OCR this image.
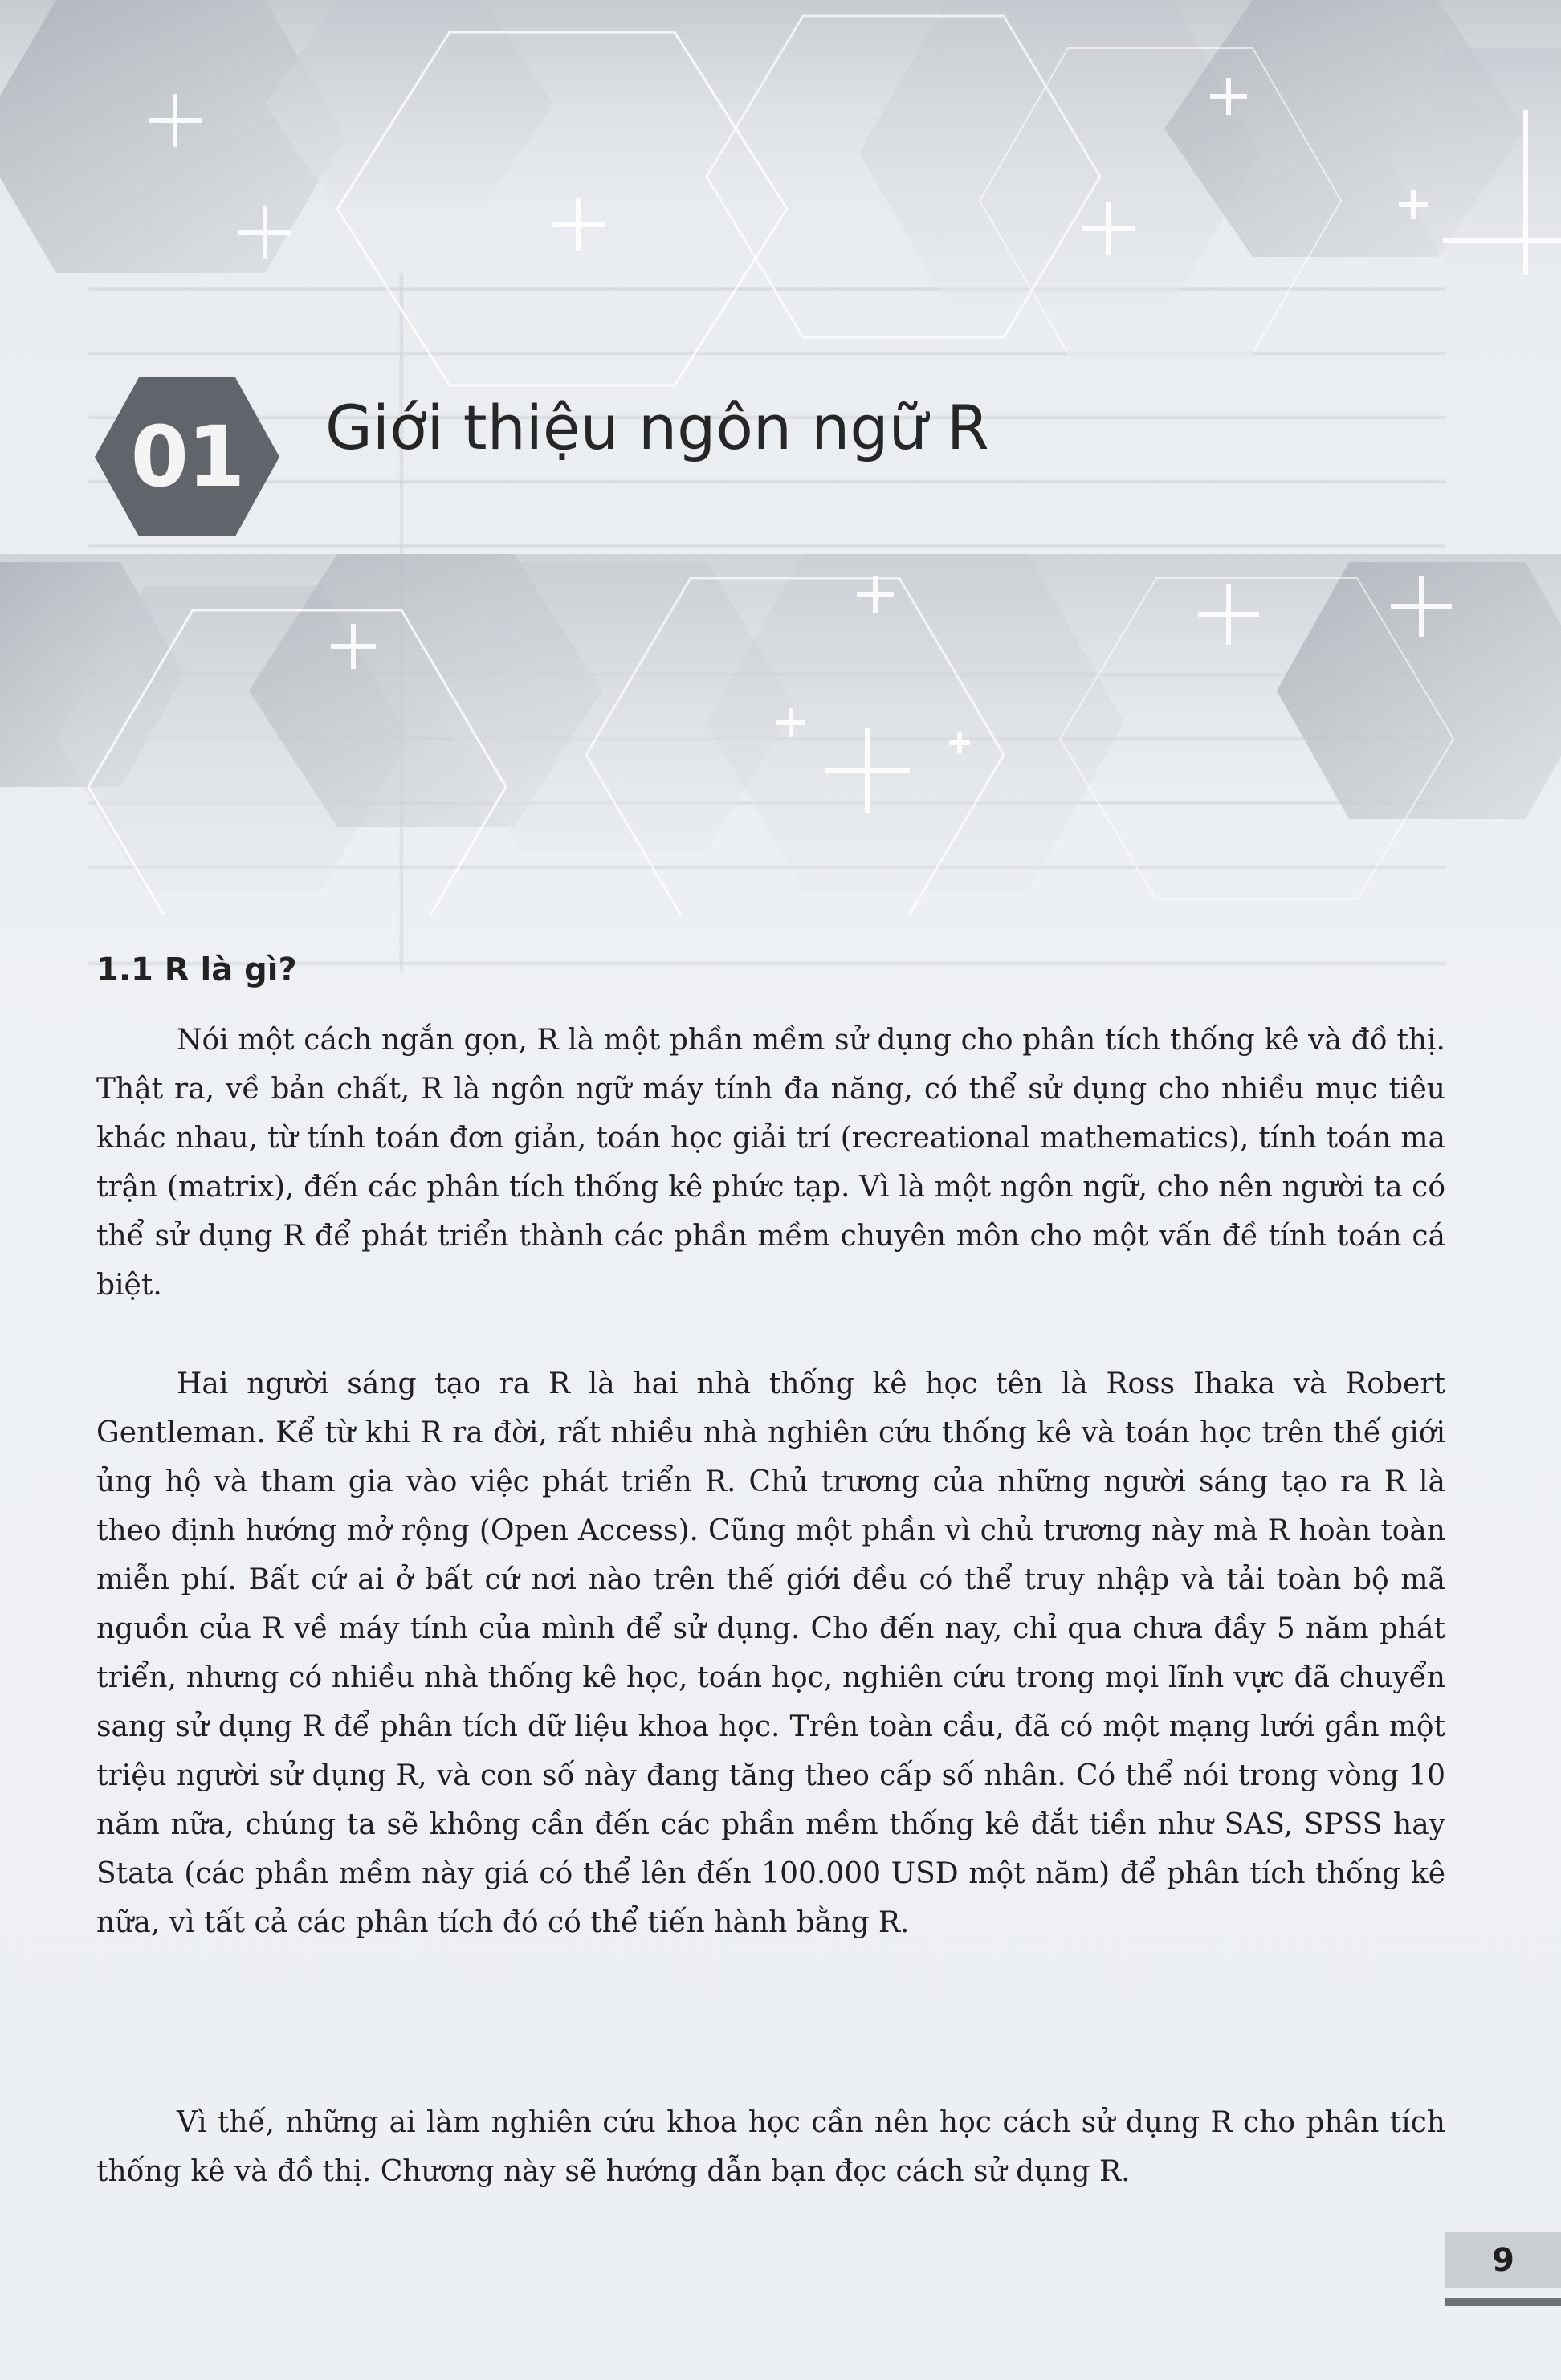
01	Giới thiệu ngôn ngữ R
1.1 R là gì?

Nói một cách ngắn gọn, R là một phần mềm sử dụng cho phân tích thống kê và đồ thị. Thật ra, về bản chất, R là ngôn ngữ máy tính đa năng, có thể sử dụng cho nhiều mục tiêu khác nhau, từ tính toán đơn giản, toán học giải trí (recreational mathematics), tính toán ma trận (matrix), đến các phân tích thống kê phức tạp. Vì là một ngôn ngữ, cho nên người ta có thể sử dụng R để phát triển thành các phần mềm chuyên môn cho một vấn đề tính toán cá biệt.

Hai người sáng tạo ra R là hai nhà thống kê học tên là Ross Ihaka và Robert Gentleman. Kể từ khi R ra đời, rất nhiều nhà nghiên cứu thống kê và toán học trên thế giới ủng hộ và tham gia vào việc phát triển R. Chủ trương của những người sáng tạo ra R là theo định hướng mở rộng (Open Access). Cũng một phần vì chủ trương này mà R hoàn toàn miễn phí. Bất cứ ai ở bất cứ nơi nào trên thế giới đều có thể truy nhập và tải toàn bộ mã nguồn của R về máy tính của mình để sử dụng. Cho đến nay, chỉ qua chưa đầy 5 năm phát triển, nhưng có nhiều nhà thống kê học, toán học, nghiên cứu trong mọi lĩnh vực đã chuyển sang sử dụng R để phân tích dữ liệu khoa học. Trên toàn cầu, đã có một mạng lưới gần một triệu người sử dụng R, và con số này đang tăng theo cấp số nhân. Có thể nói trong vòng 10 năm nữa, chúng ta sẽ không cần đến các phần mềm thống kê đắt tiền như SAS, SPSS hay Stata (các phần mềm này giá có thể lên đến 100.000 USD một năm) để phân tích thống kê nữa, vì tất cả các phân tích đó có thể tiến hành bằng R.

Vì thế, những ai làm nghiên cứu khoa học cần nên học cách sử dụng R cho phân tích thống kê và đồ thị. Chương này sẽ hướng dẫn bạn đọc cách sử dụng R.

9
